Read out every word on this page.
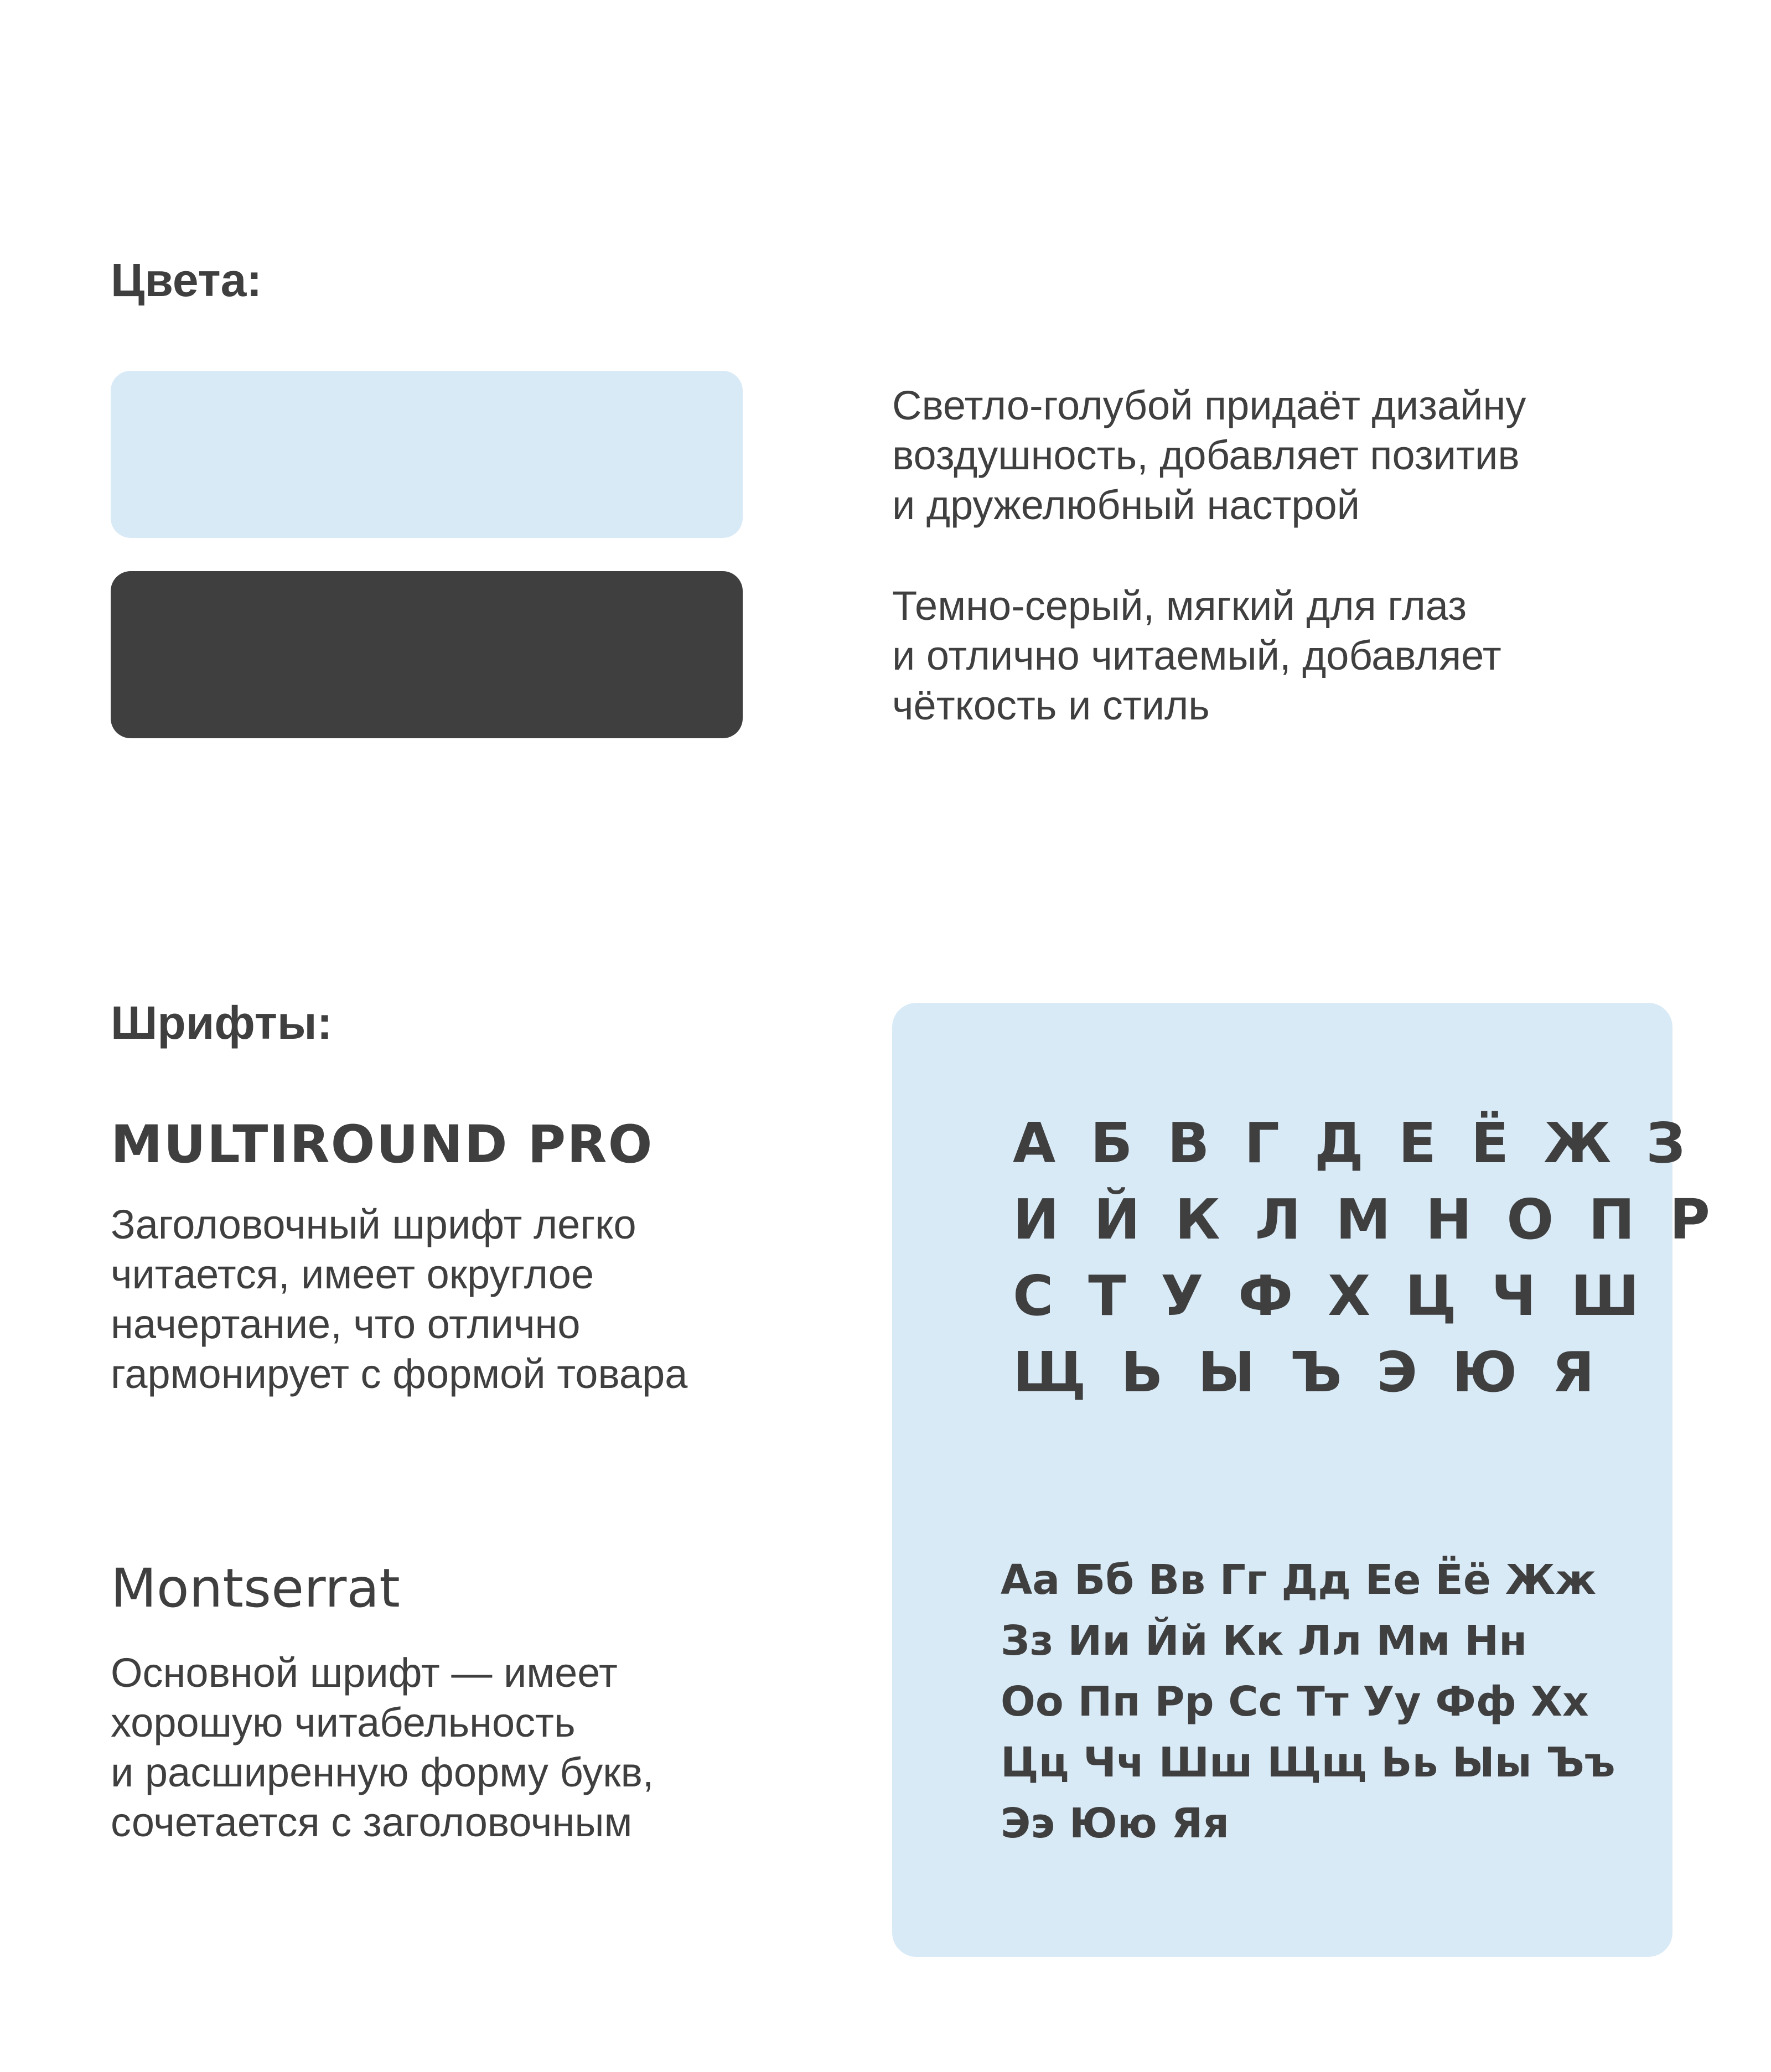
Цвета:

Светло-голубой придаёт дизайну
воздушность, добавляет позитив
и дружелюбный настрой

Темно-серый, мягкий для глаз
и отлично читаемый, добавляет
чёткость и стиль

Шрифты:
MULTIROUND PRO

Заголовочный шрифт легко
читается, имеет округлое
начертание, что отлично
гармонирует с формой товара

Montserrat

Основной шрифт — имеет
хорошую читабельность
и расширенную форму букв,
сочетается с заголовочным

А Б В Г Д Е Ё Ж З
И Й К Л М Н О П Р
С Т У Ф Х Ц Ч Ш
Щ Ь Ы Ъ Э Ю Я
Аа Бб Вв Гг Дд Ее Ёё Жж
Зз Ии Йй Кк Лл Мм Нн
Оо Пп Рр Сс Тт Уу Фф Хх
Цц Чч Шш Щщ Ьь Ыы Ъъ
Ээ Юю Яя
